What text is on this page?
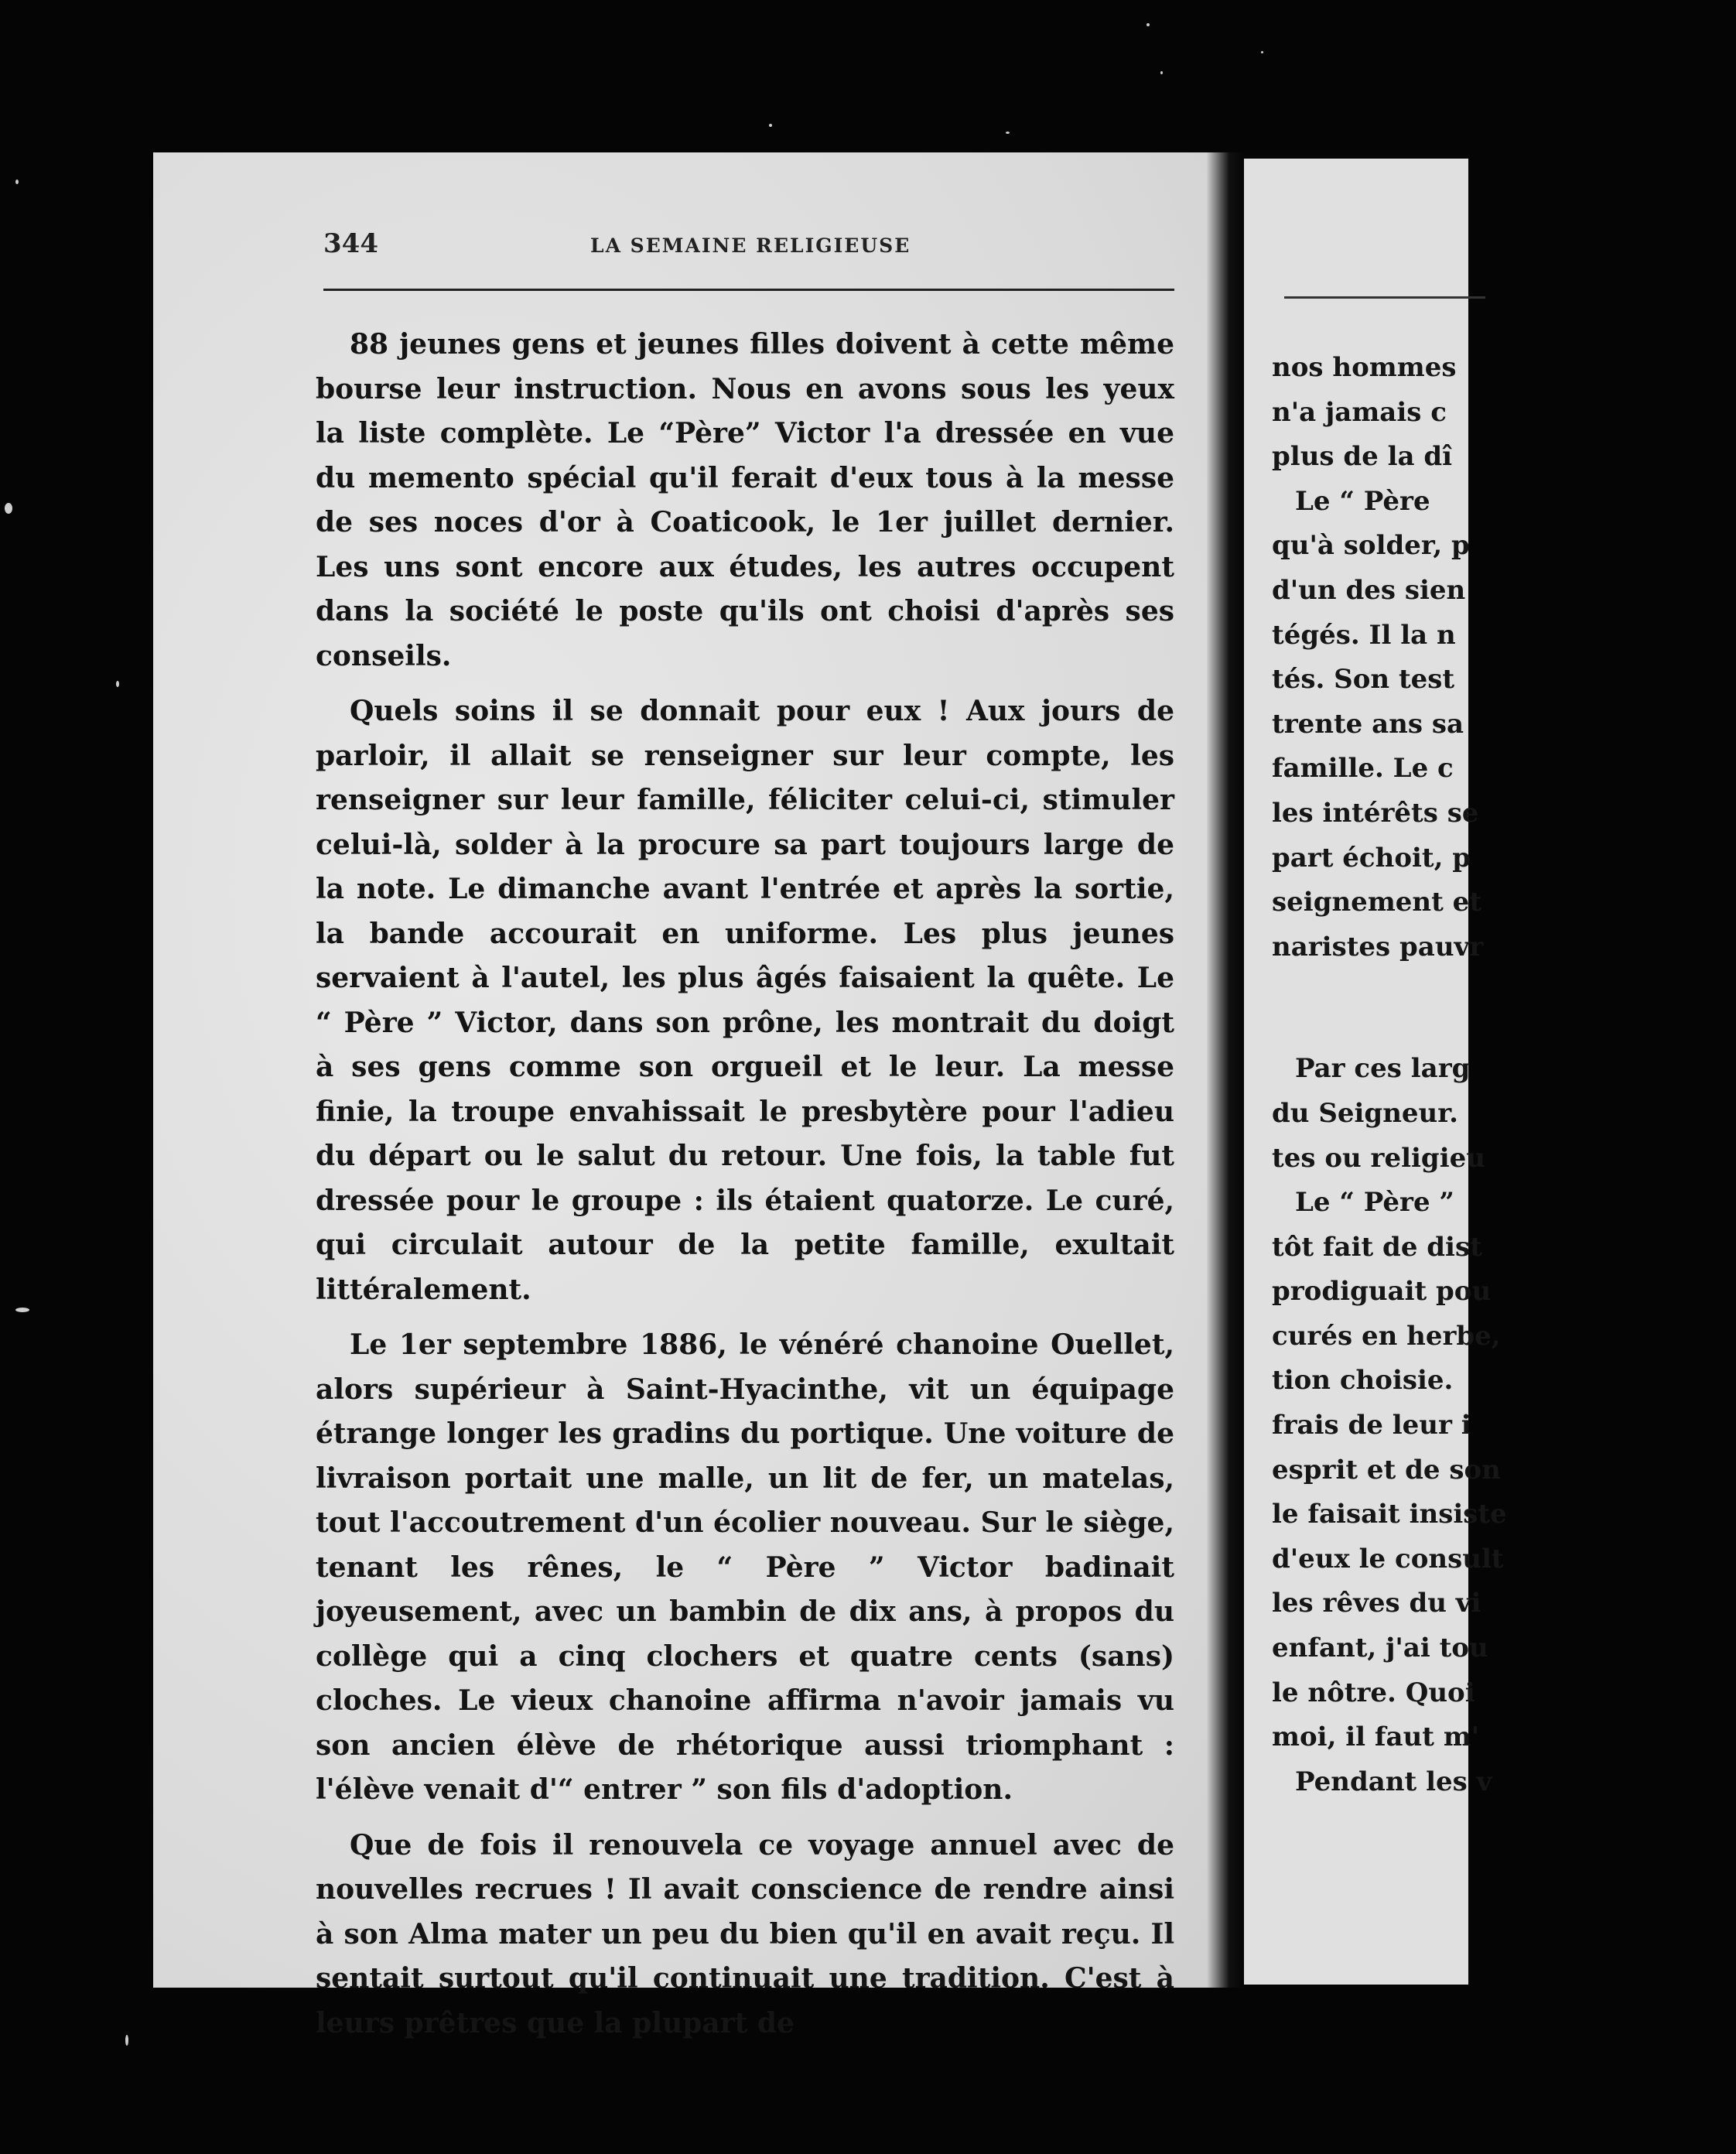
344	LA SEMAINE RELIGIEUSE

88 jeunes gens et jeunes filles doivent à cette même bourse leur instruction. Nous en avons sous les yeux la liste complète. Le “Père” Victor l'a dressée en vue du memento spécial qu'il ferait d'eux tous à la messe de ses noces d'or à Coaticook, le 1er juillet dernier. Les uns sont encore aux études, les autres occupent dans la société le poste qu'ils ont choisi d'après ses conseils.

Quels soins il se donnait pour eux ! Aux jours de parloir, il allait se renseigner sur leur compte, les renseigner sur leur famille, féliciter celui-ci, stimuler celui-là, solder à la procure sa part toujours large de la note. Le dimanche avant l'entrée et après la sortie, la bande accourait en uniforme. Les plus jeunes servaient à l'autel, les plus âgés faisaient la quête. Le “ Père ” Victor, dans son prône, les montrait du doigt à ses gens comme son orgueil et le leur. La messe finie, la troupe envahissait le presbytère pour l'adieu du départ ou le salut du retour. Une fois, la table fut dressée pour le groupe : ils étaient quatorze. Le curé, qui circulait autour de la petite famille, exultait littéralement.

Le 1er septembre 1886, le vénéré chanoine Ouellet, alors supérieur à Saint-Hyacinthe, vit un équipage étrange longer les gradins du portique. Une voiture de livraison portait une malle, un lit de fer, un matelas, tout l'accoutrement d'un écolier nouveau. Sur le siège, tenant les rênes, le “ Père ” Victor badinait joyeusement, avec un bambin de dix ans, à propos du collège qui a cinq clochers et quatre cents (sans) cloches. Le vieux chanoine affirma n'avoir jamais vu son ancien élève de rhétorique aussi triomphant : l'élève venait d'“ entrer ” son fils d'adoption.

Que de fois il renouvela ce voyage annuel avec de nouvelles recrues ! Il avait conscience de rendre ainsi à son Alma mater un peu du bien qu'il en avait reçu. Il sentait surtout qu'il continuait une tradition. C'est à leurs prêtres que la plupart de

nos hommes
n'a jamais c
plus de la dî
Le “ Père
qu'à solder, p
d'un des sien
tégés. Il la n
tés. Son test
trente ans sa
famille. Le c
les intérêts se
part échoit, p
seignement et
naristes pauvr
Par ces larg
du Seigneur.
tes ou religieu
Le “ Père ”
tôt fait de dist
prodiguait pou
curés en herbe,
tion choisie.
frais de leur i
esprit et de son
le faisait insiste
d'eux le consult
les rêves du vi
enfant, j'ai tou
le nôtre. Quoi
moi, il faut m'
Pendant les v
